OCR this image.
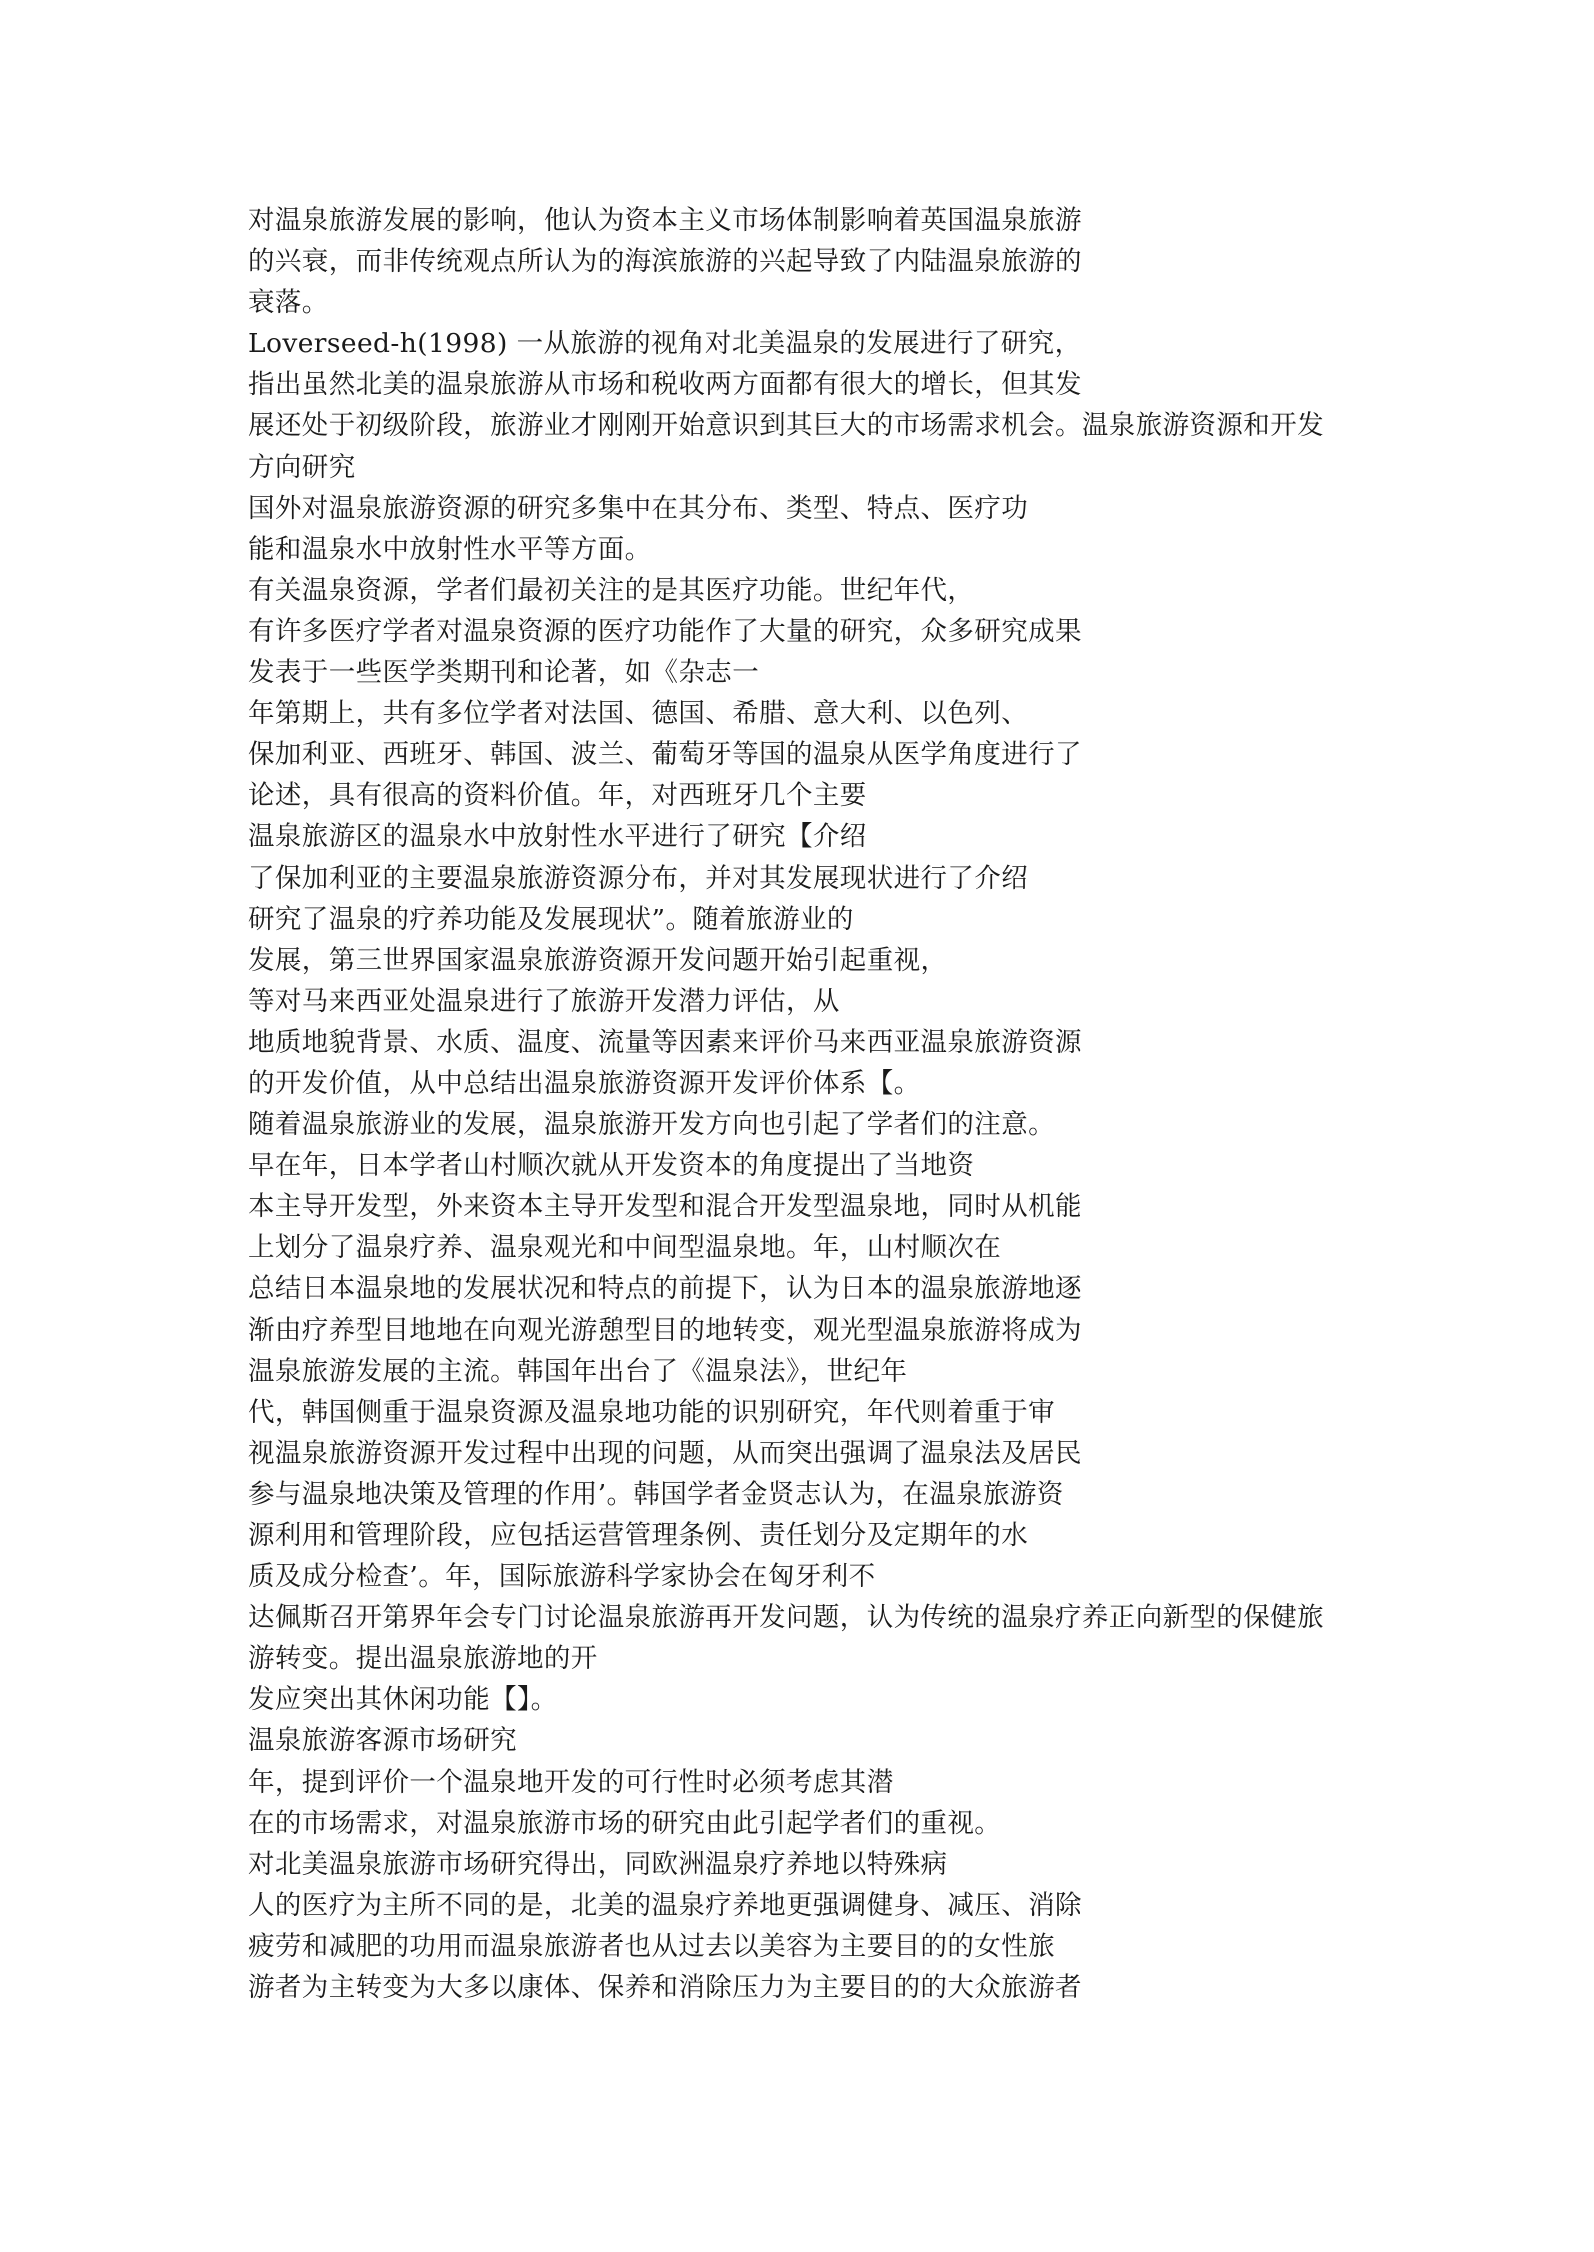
对温泉旅游发展的影响，他认为资本主义市场体制影响着英国温泉旅游
的兴衰，而非传统观点所认为的海滨旅游的兴起导致了内陆温泉旅游的
衰落。
Loverseed-h(1998) 一从旅游的视角对北美温泉的发展进行了研究，
指出虽然北美的温泉旅游从市场和税收两方面都有很大的增长，但其发
展还处于初级阶段，旅游业才刚刚开始意识到其巨大的市场需求机会。温泉旅游资源和开发
方向研究
国外对温泉旅游资源的研究多集中在其分布、类型、特点、医疗功
能和温泉水中放射性水平等方面。
有关温泉资源，学者们最初关注的是其医疗功能。世纪年代，
有许多医疗学者对温泉资源的医疗功能作了大量的研究，众多研究成果
发表于一些医学类期刊和论著，如《杂志一
年第期上，共有多位学者对法国、德国、希腊、意大利、以色列、
保加利亚、西班牙、韩国、波兰、葡萄牙等国的温泉从医学角度进行了
论述，具有很高的资料价值。年，对西班牙几个主要
温泉旅游区的温泉水中放射性水平进行了研究【介绍
了保加利亚的主要温泉旅游资源分布，并对其发展现状进行了介绍
研究了温泉的疗养功能及发展现状”。随着旅游业的
发展，第三世界国家温泉旅游资源开发问题开始引起重视，
等对马来西亚处温泉进行了旅游开发潜力评估，从
地质地貌背景、水质、温度、流量等因素来评价马来西亚温泉旅游资源
的开发价值，从中总结出温泉旅游资源开发评价体系【。
随着温泉旅游业的发展，温泉旅游开发方向也引起了学者们的注意。
早在年，日本学者山村顺次就从开发资本的角度提出了当地资
本主导开发型，外来资本主导开发型和混合开发型温泉地，同时从机能
上划分了温泉疗养、温泉观光和中间型温泉地。年，山村顺次在
总结日本温泉地的发展状况和特点的前提下，认为日本的温泉旅游地逐
渐由疗养型目地地在向观光游憩型目的地转变，观光型温泉旅游将成为
温泉旅游发展的主流。韩国年出台了《温泉法》，世纪年
代，韩国侧重于温泉资源及温泉地功能的识别研究，年代则着重于审
视温泉旅游资源开发过程中出现的问题，从而突出强调了温泉法及居民
参与温泉地决策及管理的作用’。韩国学者金贤志认为，在温泉旅游资
源利用和管理阶段，应包括运营管理条例、责任划分及定期年的水
质及成分检查’。年，国际旅游科学家协会在匈牙利不
达佩斯召开第界年会专门讨论温泉旅游再开发问题，认为传统的温泉疗养正向新型的保健旅
游转变。提出温泉旅游地的开
发应突出其休闲功能【】。
温泉旅游客源市场研究
年，提到评价一个温泉地开发的可行性时必须考虑其潜
在的市场需求，对温泉旅游市场的研究由此引起学者们的重视。
对北美温泉旅游市场研究得出，同欧洲温泉疗养地以特殊病
人的医疗为主所不同的是，北美的温泉疗养地更强调健身、减压、消除
疲劳和减肥的功用而温泉旅游者也从过去以美容为主要目的的女性旅
游者为主转变为大多以康体、保养和消除压力为主要目的的大众旅游者
